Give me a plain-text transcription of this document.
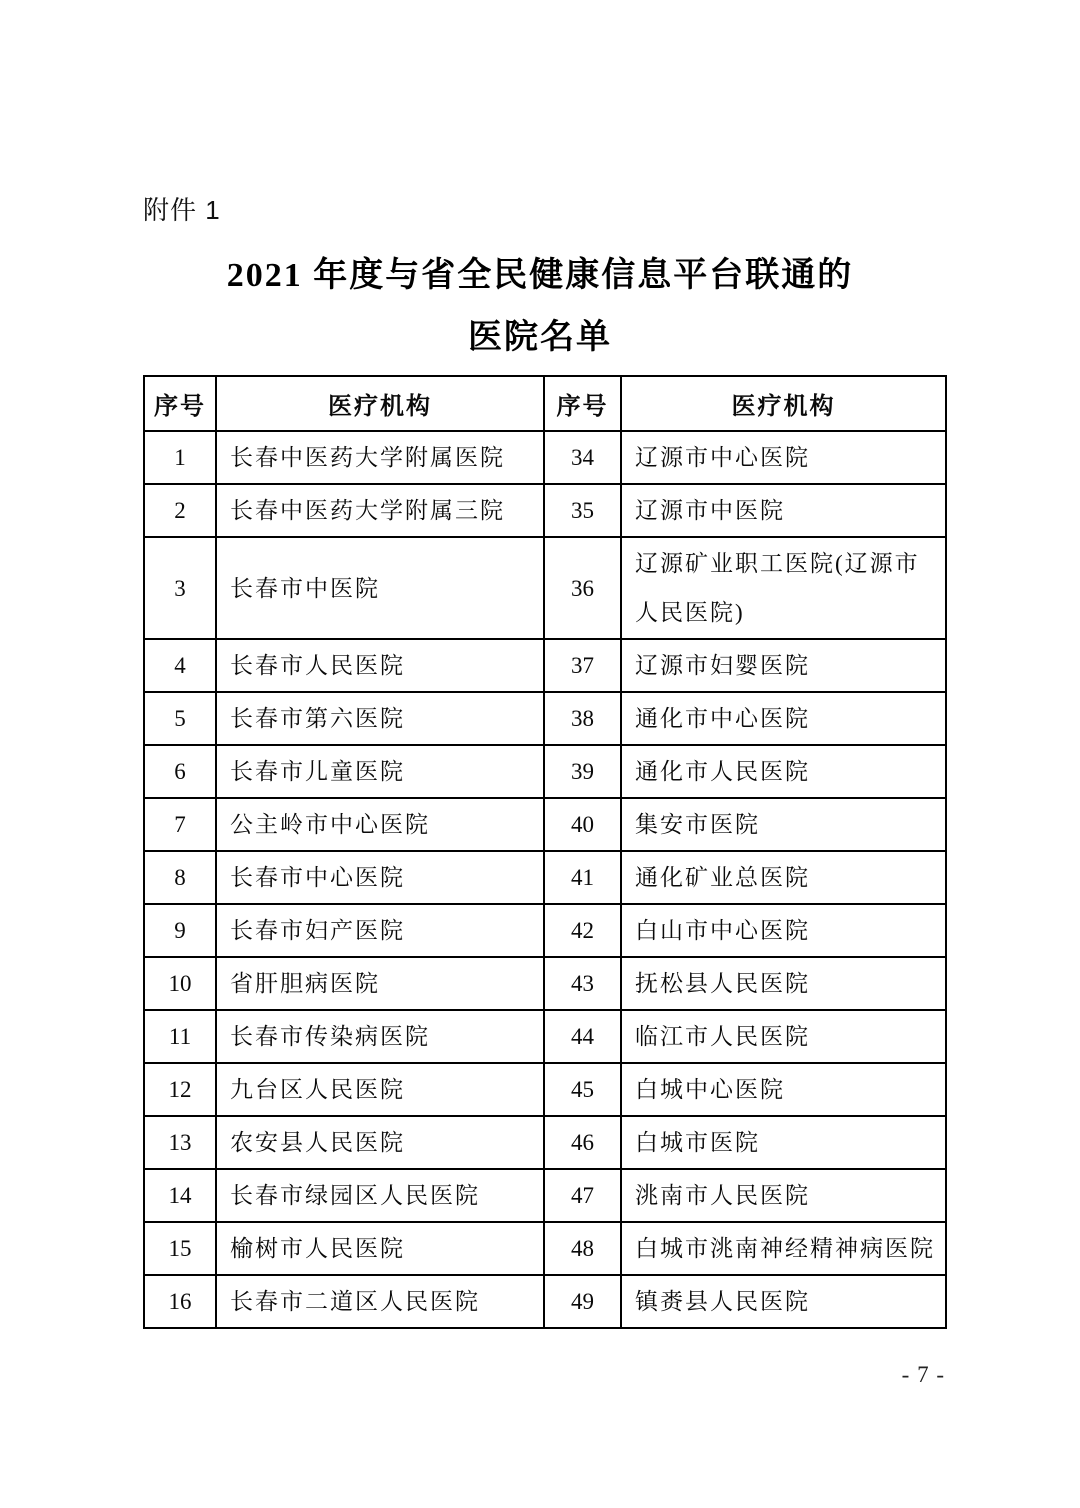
附件 1
2021 年度与省全民健康信息平台联通的
医院名单
序号	医疗机构	序号	医疗机构
1	长春中医药大学附属医院	34	辽源市中心医院
2	长春中医药大学附属三院	35	辽源市中医院
3	长春市中医院	36	辽源矿业职工医院(辽源市人民医院)
4	长春市人民医院	37	辽源市妇婴医院
5	长春市第六医院	38	通化市中心医院
6	长春市儿童医院	39	通化市人民医院
7	公主岭市中心医院	40	集安市医院
8	长春市中心医院	41	通化矿业总医院
9	长春市妇产医院	42	白山市中心医院
10	省肝胆病医院	43	抚松县人民医院
11	长春市传染病医院	44	临江市人民医院
12	九台区人民医院	45	白城中心医院
13	农安县人民医院	46	白城市医院
14	长春市绿园区人民医院	47	洮南市人民医院
15	榆树市人民医院	48	白城市洮南神经精神病医院
16	长春市二道区人民医院	49	镇赉县人民医院
- 7 -
